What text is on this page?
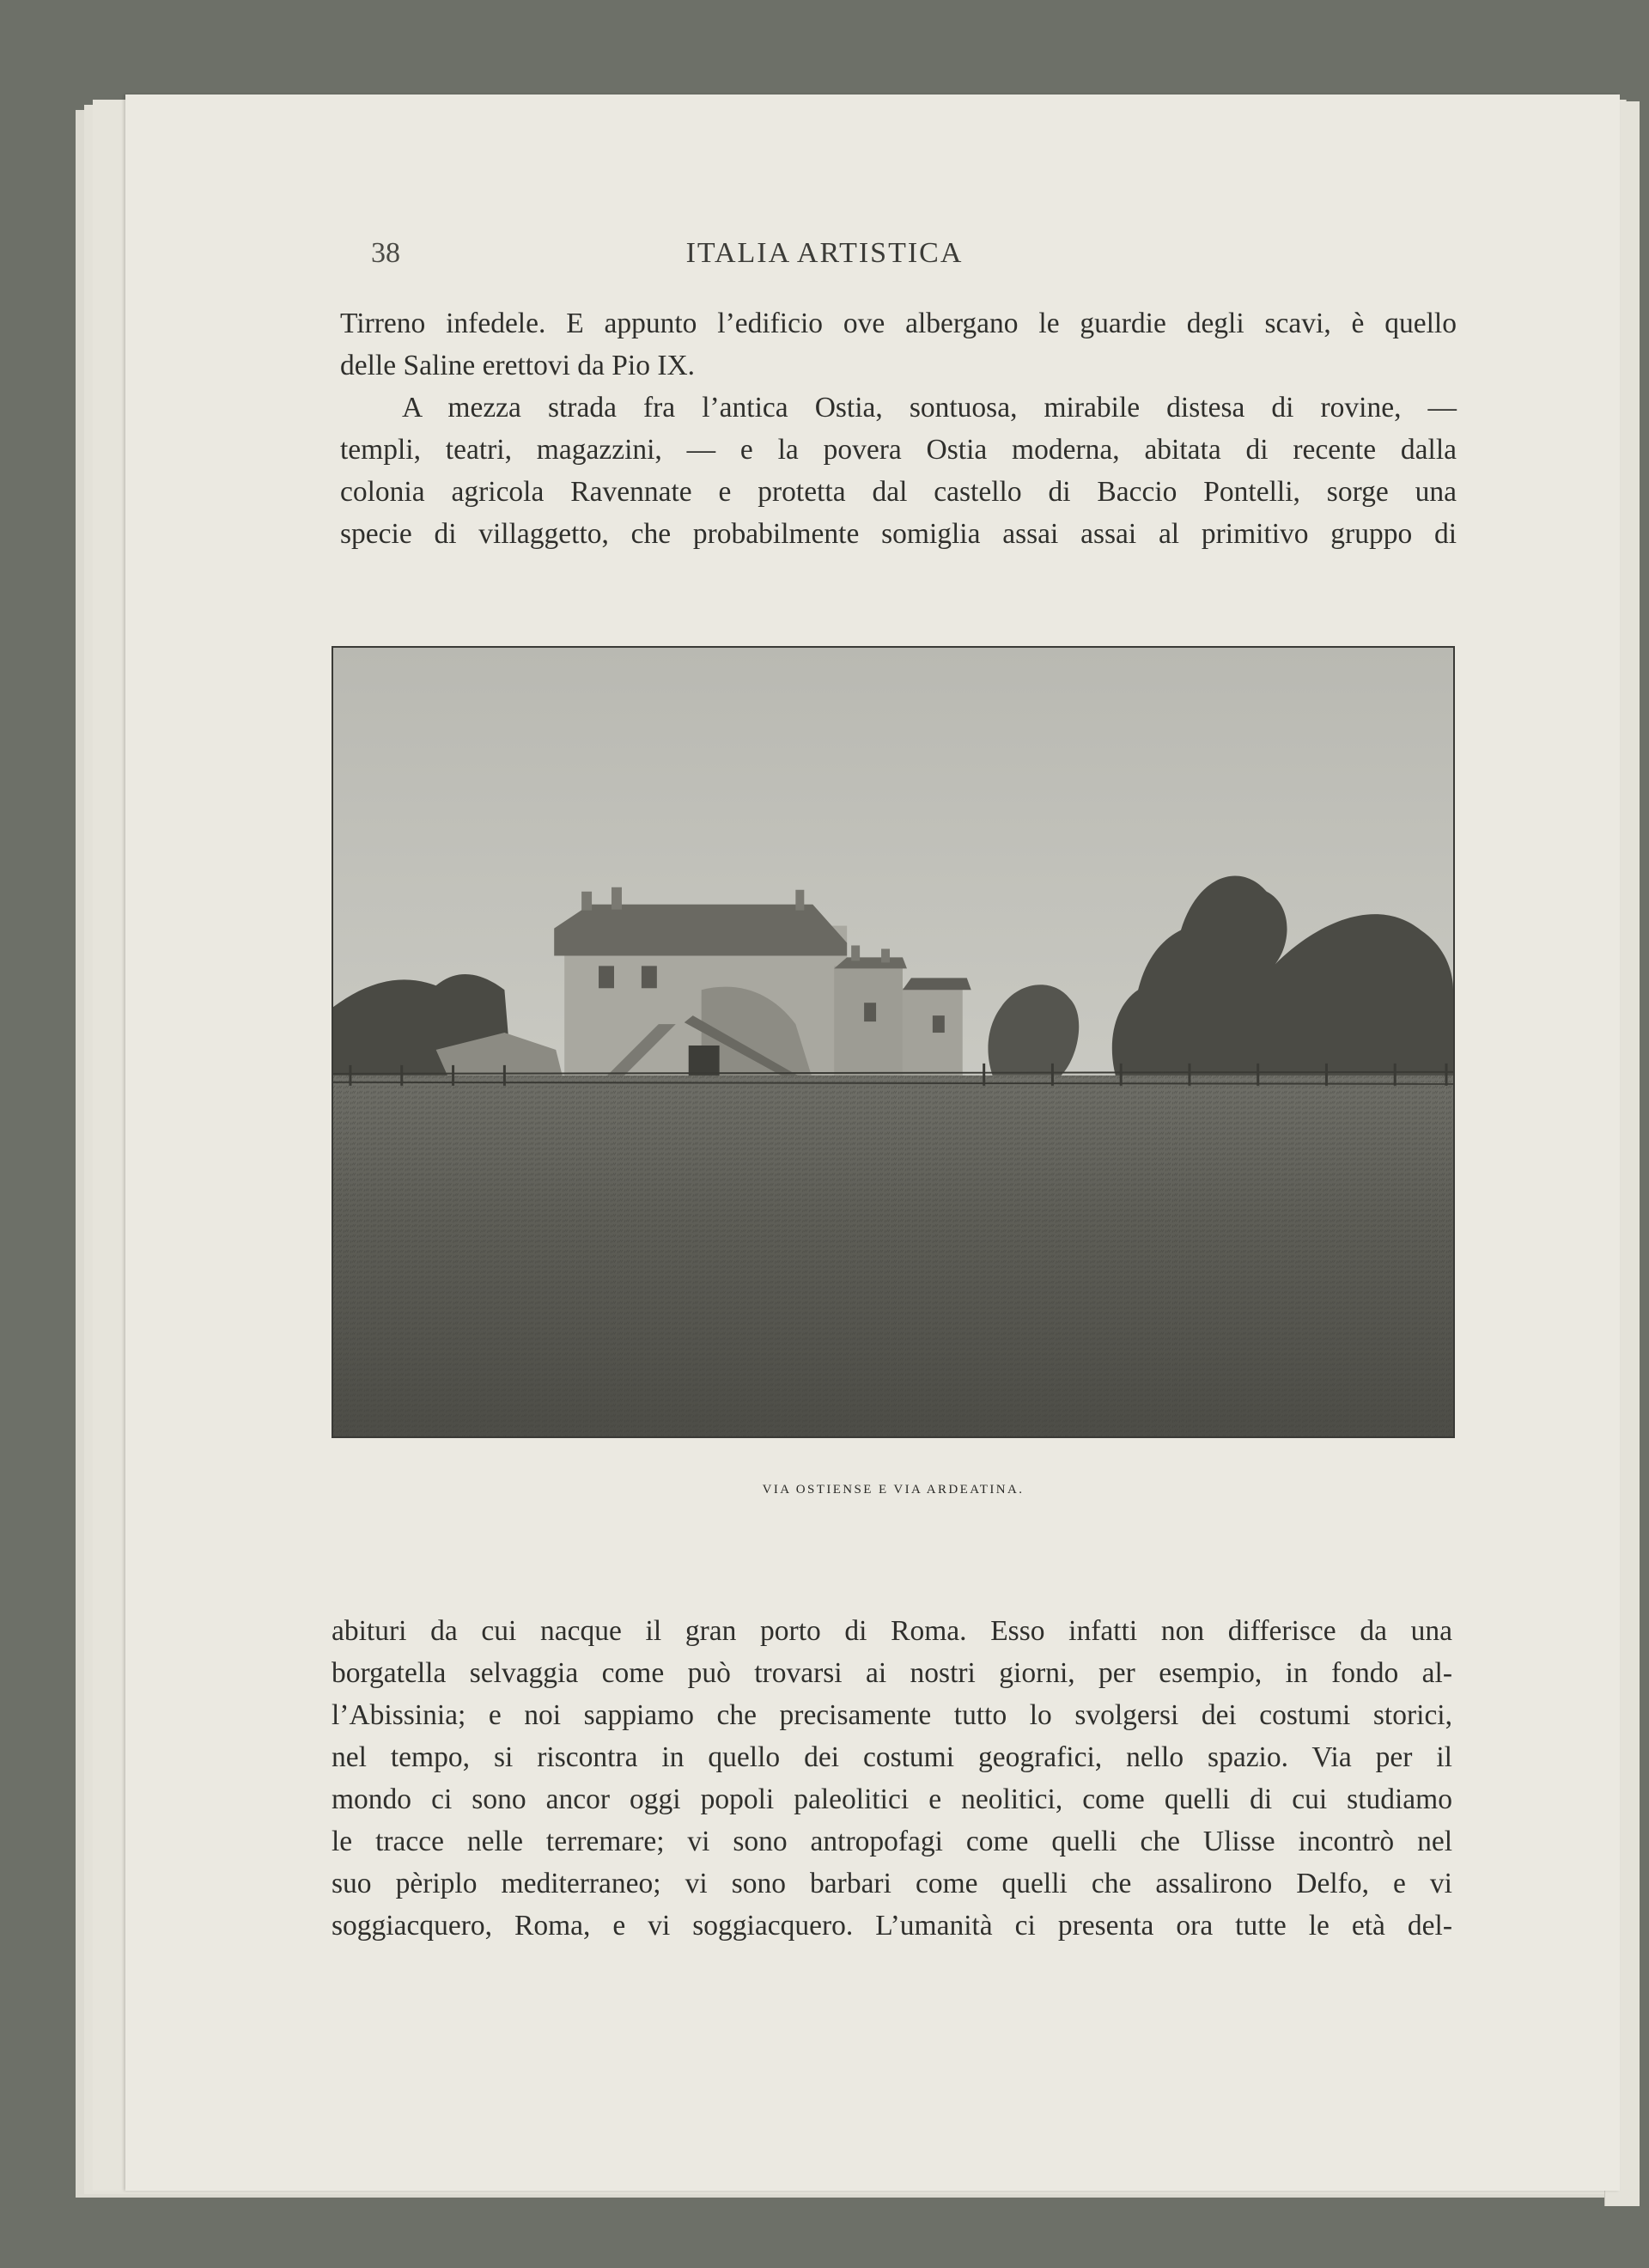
38	ITALIA ARTISTICA

Tirreno infedele. E appunto l’edificio ove albergano le guardie degli scavi, è quello

delle Saline erettovi da Pio IX.

A mezza strada fra l’antica Ostia, sontuosa, mirabile distesa di rovine, —

templi, teatri, magazzini, — e la povera Ostia moderna, abitata di recente dalla

colonia agricola Ravennate e protetta dal castello di Baccio Pontelli, sorge una

specie di villaggetto, che probabilmente somiglia assai assai al primitivo gruppo di

VIA OSTIENSE E VIA ARDEATINA.

abituri da cui nacque il gran porto di Roma. Esso infatti non differisce da una

borgatella selvaggia come può trovarsi ai nostri giorni, per esempio, in fondo al-

l’Abissinia; e noi sappiamo che precisamente tutto lo svolgersi dei costumi storici,

nel tempo, si riscontra in quello dei costumi geografici, nello spazio. Via per il

mondo ci sono ancor oggi popoli paleolitici e neolitici, come quelli di cui studiamo

le tracce nelle terremare; vi sono antropofagi come quelli che Ulisse incontrò nel

suo pèriplo mediterraneo; vi sono barbari come quelli che assalirono Delfo, e vi

soggiacquero, Roma, e vi soggiacquero. L’umanità ci presenta ora tutte le età del-
